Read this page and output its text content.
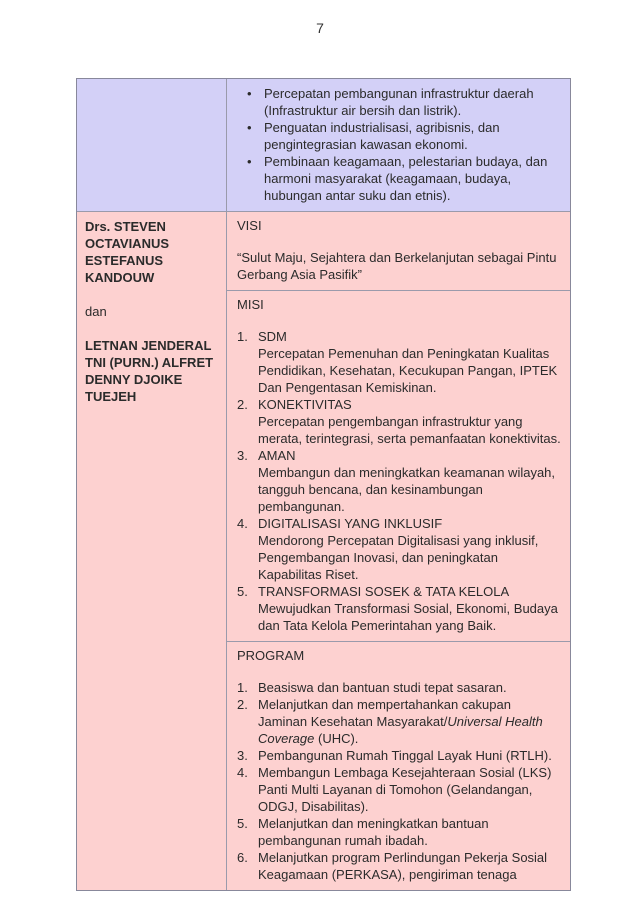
7
• Percepatan pembangunan infrastruktur daerah (Infrastruktur air bersih dan listrik).
• Penguatan industrialisasi, agribisnis, dan pengintegrasian kawasan ekonomi.
• Pembinaan keagamaan, pelestarian budaya, dan harmoni masyarakat (keagamaan, budaya, hubungan antar suku dan etnis).

Drs. STEVEN OCTAVIANUS ESTEFANUS KANDOUW

dan

LETNAN JENDERAL TNI (PURN.) ALFRET DENNY DJOIKE TUEJEH

VISI
“Sulut Maju, Sejahtera dan Berkelanjutan sebagai Pintu Gerbang Asia Pasifik”
MISI
1. SDM
Percepatan Pemenuhan dan Peningkatan Kualitas Pendidikan, Kesehatan, Kecukupan Pangan, IPTEK Dan Pengentasan Kemiskinan.
2. KONEKTIVITAS
Percepatan pengembangan infrastruktur yang merata, terintegrasi, serta pemanfaatan konektivitas.
3. AMAN
Membangun dan meningkatkan keamanan wilayah, tangguh bencana, dan kesinambungan pembangunan.
4. DIGITALISASI YANG INKLUSIF
Mendorong Percepatan Digitalisasi yang inklusif, Pengembangan Inovasi, dan peningkatan Kapabilitas Riset.
5. TRANSFORMASI SOSEK & TATA KELOLA
Mewujudkan Transformasi Sosial, Ekonomi, Budaya dan Tata Kelola Pemerintahan yang Baik.
PROGRAM
1. Beasiswa dan bantuan studi tepat sasaran.
2. Melanjutkan dan mempertahankan cakupan Jaminan Kesehatan Masyarakat/Universal Health Coverage (UHC).
3. Pembangunan Rumah Tinggal Layak Huni (RTLH).
4. Membangun Lembaga Kesejahteraan Sosial (LKS) Panti Multi Layanan di Tomohon (Gelandangan, ODGJ, Disabilitas).
5. Melanjutkan dan meningkatkan bantuan pembangunan rumah ibadah.
6. Melanjutkan program Perlindungan Pekerja Sosial Keagamaan (PERKASA), pengiriman tenaga
